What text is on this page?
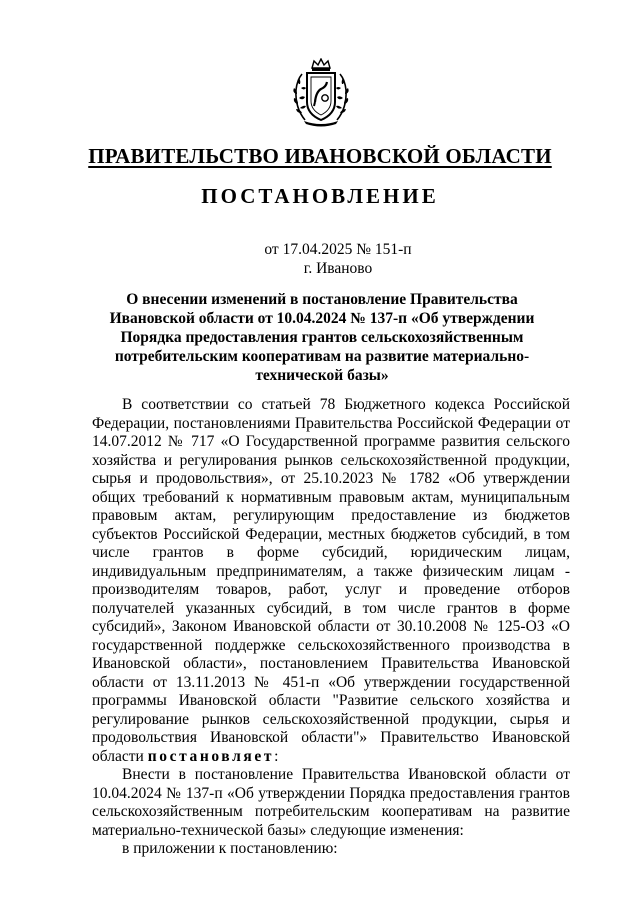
ПРАВИТЕЛЬСТВО ИВАНОВСКОЙ ОБЛАСТИ
ПОСТАНОВЛЕНИЕ
от 17.04.2025 № 151-п
г. Иваново
О внесении изменений в постановление Правительства Ивановской области от 10.04.2024 № 137-п «Об утверждении Порядка предоставления грантов сельскохозяйственным потребительским кооперативам на развитие материально-технической базы»

В соответствии со статьей 78 Бюджетного кодекса Российской Федерации, постановлениями Правительства Российской Федерации от 14.07.2012 № 717 «О Государственной программе развития сельского хозяйства и регулирования рынков сельскохозяйственной продукции, сырья и продовольствия», от 25.10.2023 № 1782 «Об утверждении общих требований к нормативным правовым актам, муниципальным правовым актам, регулирующим предоставление из бюджетов субъектов Российской Федерации, местных бюджетов субсидий, в том числе грантов в форме субсидий, юридическим лицам, индивидуальным предпринимателям, а также физическим лицам - производителям товаров, работ, услуг и проведение отборов получателей указанных субсидий, в том числе грантов в форме субсидий», Законом Ивановской области от 30.10.2008 № 125-ОЗ «О государственной поддержке сельскохозяйственного производства в Ивановской области», постановлением Правительства Ивановской области от 13.11.2013 № 451-п «Об утверждении государственной программы Ивановской области "Развитие сельского хозяйства и регулирование рынков сельскохозяйственной продукции, сырья и продовольствия Ивановской области"» Правительство Ивановской области постановляет:

Внести в постановление Правительства Ивановской области от 10.04.2024 № 137-п «Об утверждении Порядка предоставления грантов сельскохозяйственным потребительским кооперативам на развитие материально-технической базы» следующие изменения:

в приложении к постановлению:
